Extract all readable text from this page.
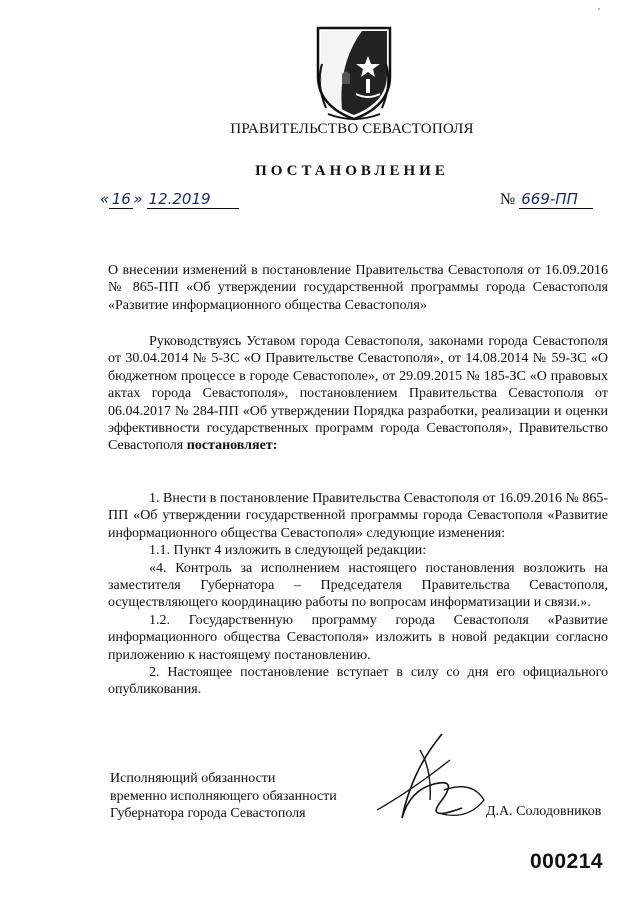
'
ПРАВИТЕЛЬСТВО СЕВАСТОПОЛЯ
ПОСТАНОВЛЕНИЕ
« 16 » 12.2019	№ 669-ПП

О внесении изменений в постановление Правительства Севастополя от 16.09.2016 № 865-ПП «Об утверждении государственной программы города Севастополя «Развитие информационного общества Севастополя»

Руководствуясь Уставом города Севастополя, законами города Севастополя от 30.04.2014 № 5-ЗС «О Правительстве Севастополя», от 14.08.2014 № 59-ЗС «О бюджетном процессе в городе Севастополе», от 29.09.2015 № 185-ЗС «О правовых актах города Севастополя», постановлением Правительства Севастополя от 06.04.2017 № 284-ПП «Об утверждении Порядка разработки, реализации и оценки эффективности государственных программ города Севастополя», Правительство Севастополя постановляет:

1. Внести в постановление Правительства Севастополя от 16.09.2016 № 865-ПП «Об утверждении государственной программы города Севастополя «Развитие информационного общества Севастополя» следующие изменения:

1.1. Пункт 4 изложить в следующей редакции:

«4. Контроль за исполнением настоящего постановления возложить на заместителя Губернатора – Председателя Правительства Севастополя, осуществляющего координацию работы по вопросам информатизации и связи.».

1.2. Государственную программу города Севастополя «Развитие информационного общества Севастополя» изложить в новой редакции согласно приложению к настоящему постановлению.

2. Настоящее постановление вступает в силу со дня его официального опубликования.

Исполняющий обязанности
временно исполняющего обязанности
Губернатора города Севастополя	Д.А. Солодовников
000214
